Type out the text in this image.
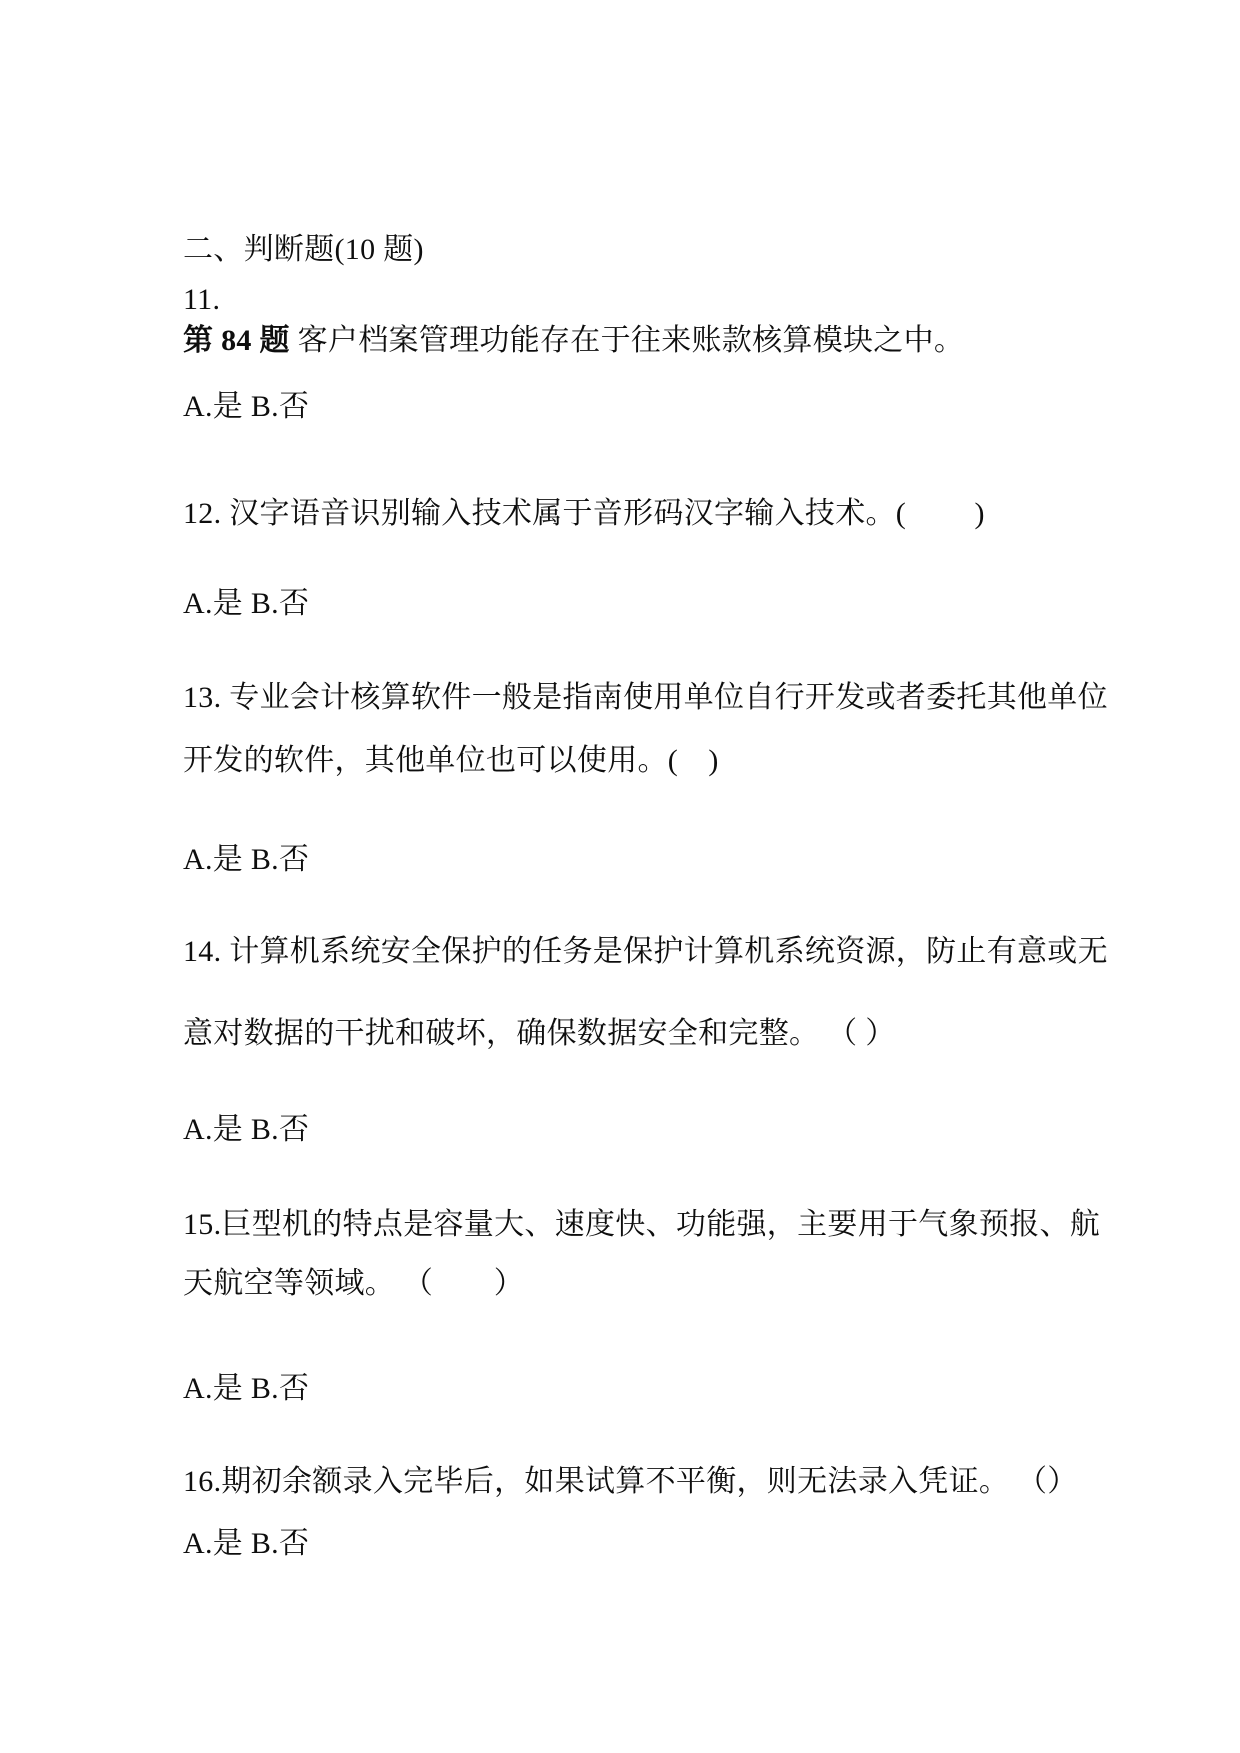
二、判断题(10 题)
11.
第 84 题 客户档案管理功能存在于往来账款核算模块之中。
A.是 B.否
12. 汉字语音识别输入技术属于音形码汉字输入技术。(　　 )
A.是 B.否
13. 专业会计核算软件一般是指南使用单位自行开发或者委托其他单位
开发的软件，其他单位也可以使用。(　)
A.是 B.否
14. 计算机系统安全保护的任务是保护计算机系统资源，防止有意或无
意对数据的干扰和破坏，确保数据安全和完整。 （ ）
A.是 B.否
15.巨型机的特点是容量大、速度快、功能强，主要用于气象预报、航
天航空等领域。 （　　）
A.是 B.否
16.期初余额录入完毕后，如果试算不平衡，则无法录入凭证。 （）
A.是 B.否
